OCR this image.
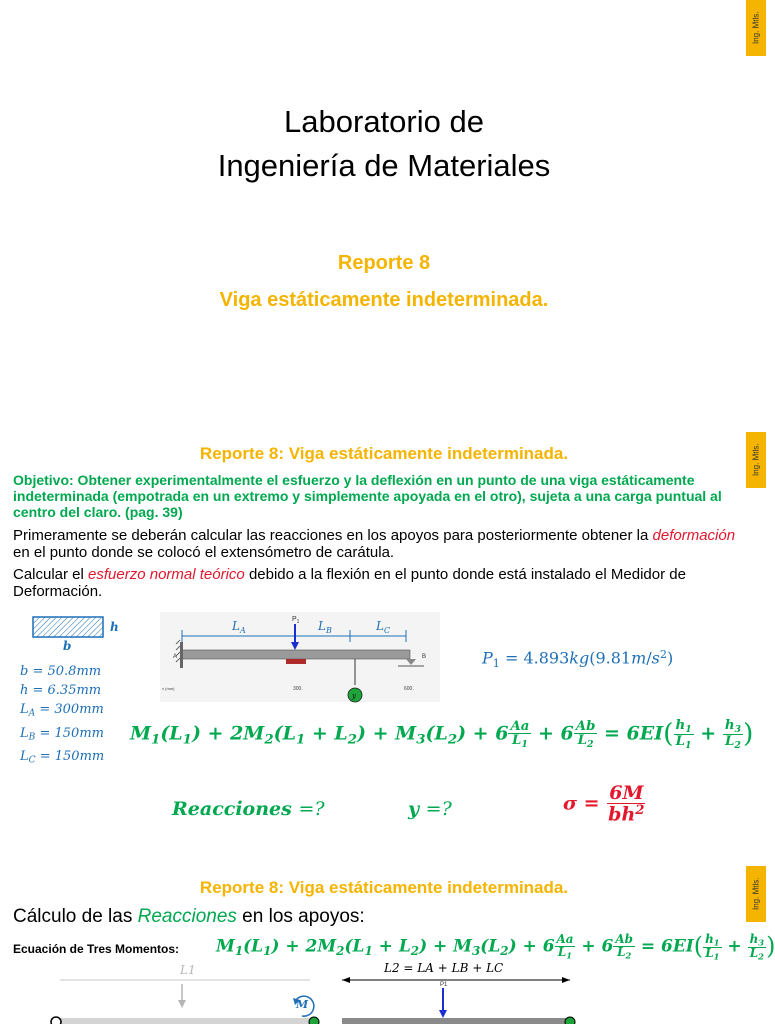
Ing. Mtls.
Laboratorio de
Ingeniería de Materiales
Reporte 8
Viga estáticamente indeterminada.
Ing. Mtls.
Reporte 8: Viga estáticamente indeterminada.
Objetivo: Obtener experimentalmente el esfuerzo y la deflexión en un punto de una viga estáticamente indeterminada (empotrada en un extremo y simplemente apoyada en el otro), sujeta a una carga puntual al centro del claro. (pag. 39)
Primeramente se deberán calcular las reacciones en los apoyos para posteriormente obtener la deformación en el punto donde se colocó el extensómetro de carátula.
Calcular el esfuerzo normal teórico debido a la flexión en el punto donde está instalado el Medidor de Deformación.
h
b
b = 50.8mm
h = 6.35mm
$L_A = 300mm$
$L_B = 150mm$
$L_C = 150mm$
$L_A$	$L_B$	$L_C$
$P_1$
A
y
B
300.	600.
x (mm)
$P_1 = 4.893kg(9.81m/s^2)$
$M_1(L_1) + 2M_2(L_1 + L_2) + M_3(L_2) + 6 \frac{Aa}{L_1} + 6 \frac{Ab}{L_2} = 6EI( \frac{h_1}{L_1} + \frac{h_3}{L_2}$ )
Reacciones =?	y =?	$\sigma = \frac{6M}{bh^2}$
Ing. Mtls.
Reporte 8: Viga estáticamente indeterminada.
Cálculo de las Reacciones en los apoyos:
Ecuación de Tres Momentos: $M_1(L_1) + 2M_2(L_1 + L_2) + M_3(L_2) + 6 \frac{Aa}{L_1} + 6 \frac{Ab}{L_2} = 6EI( \frac{h_1}{L_1} + \frac{h_3}{L_2}$ )
L1	L2 = LA + LB + LC
P1
M
